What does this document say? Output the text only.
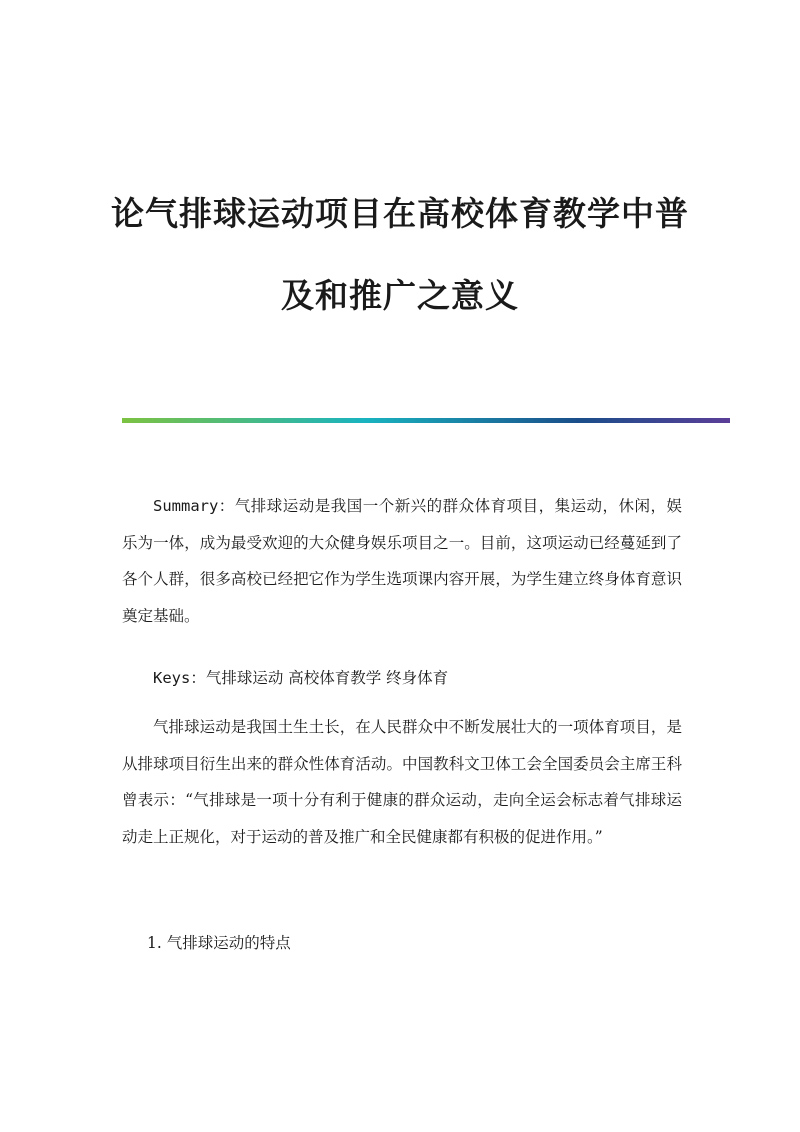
论气排球运动项目在高校体育教学中普
及和推广之意义

Summary：气排球运动是我国一个新兴的群众体育项目，集运动，休闲，娱乐为一体，成为最受欢迎的大众健身娱乐项目之一。目前，这项运动已经蔓延到了各个人群，很多高校已经把它作为学生选项课内容开展，为学生建立终身体育意识奠定基础。

Keys：气排球运动 高校体育教学 终身体育

气排球运动是我国土生土长，在人民群众中不断发展壮大的一项体育项目，是从排球项目衍生出来的群众性体育活动。中国教科文卫体工会全国委员会主席王科曾表示：“气排球是一项十分有利于健康的群众运动，走向全运会标志着气排球运动走上正规化，对于运动的普及推广和全民健康都有积极的促进作用。”

1. 气排球运动的特点
